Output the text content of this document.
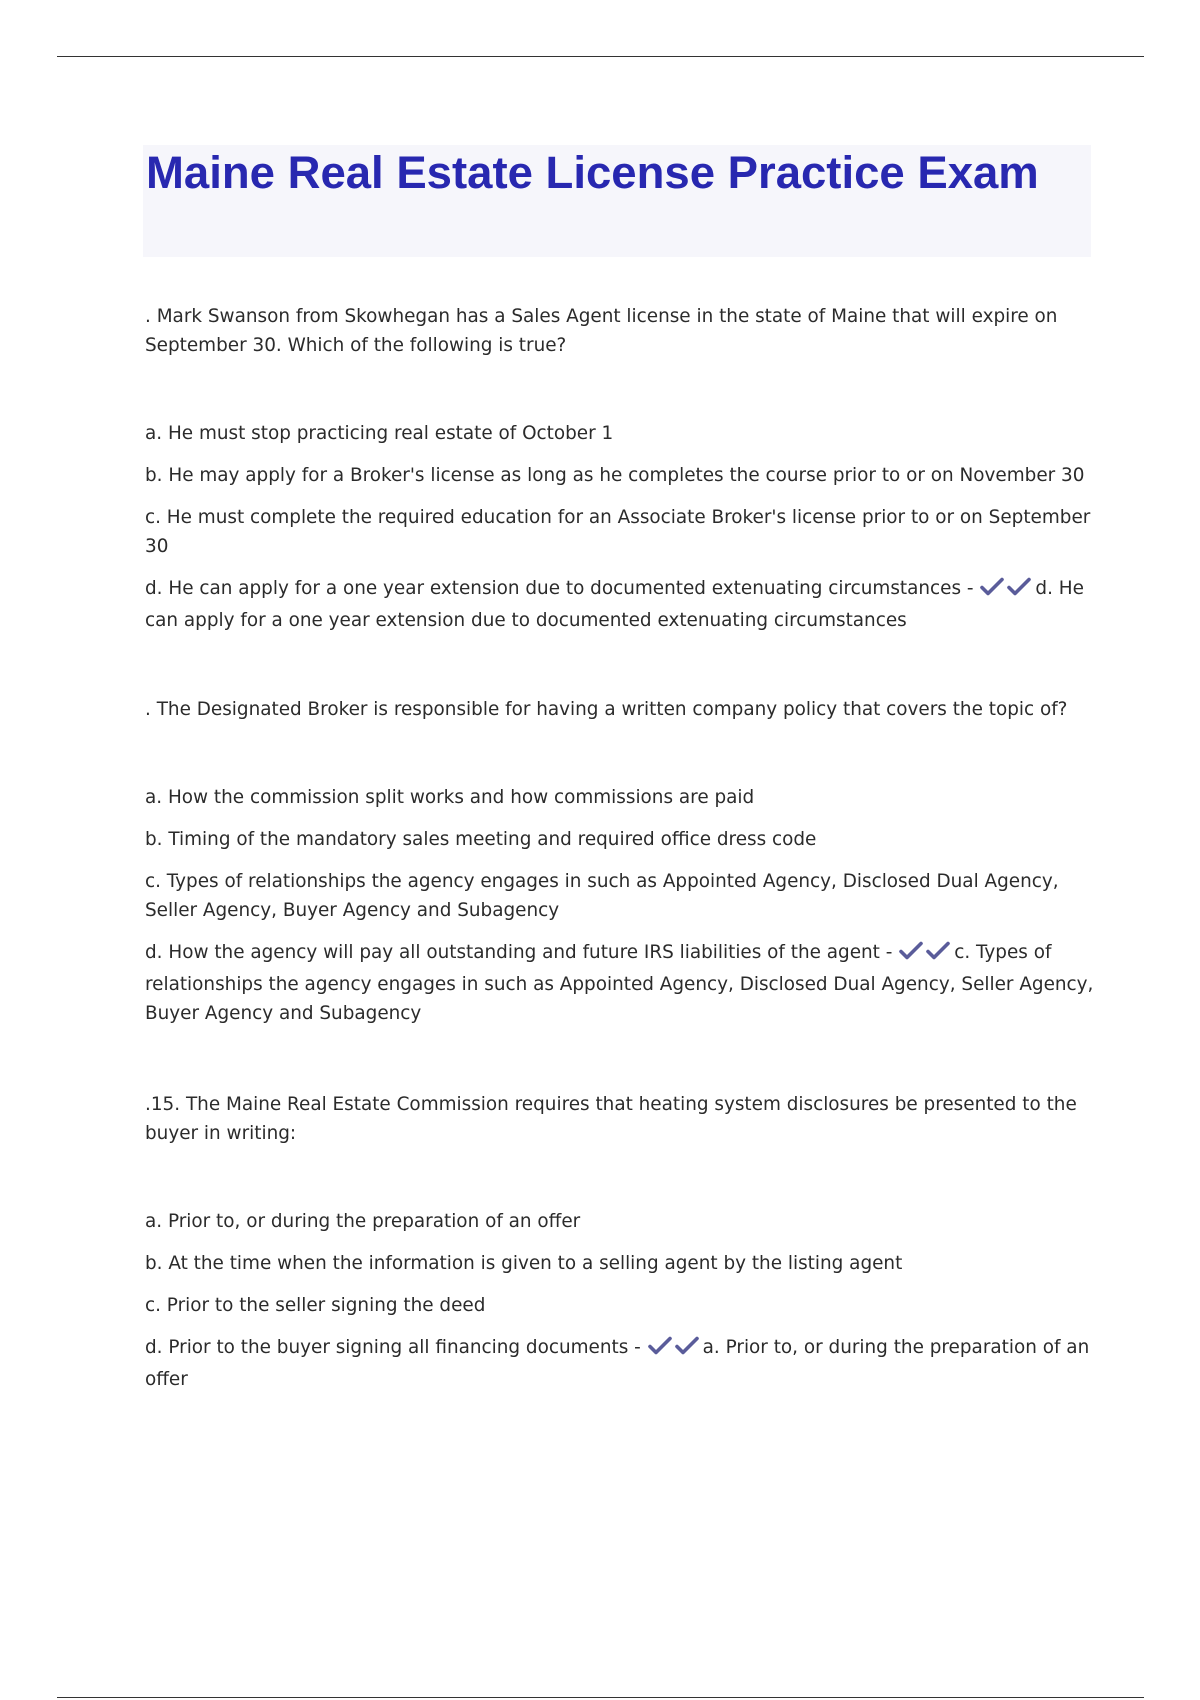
Maine Real Estate License Practice Exam

. Mark Swanson from Skowhegan has a Sales Agent license in the state of Maine that will expire on September 30. Which of the following is true?

a. He must stop practicing real estate of October 1

b. He may apply for a Broker's license as long as he completes the course prior to or on November 30

c. He must complete the required education for an Associate Broker's license prior to or on September 30

d. He can apply for a one year extension due to documented extenuating circumstances -	d. He can apply for a one year extension due to documented extenuating circumstances

. The Designated Broker is responsible for having a written company policy that covers the topic of?

a. How the commission split works and how commissions are paid

b. Timing of the mandatory sales meeting and required office dress code

c. Types of relationships the agency engages in such as Appointed Agency, Disclosed Dual Agency, Seller Agency, Buyer Agency and Subagency

d. How the agency will pay all outstanding and future IRS liabilities of the agent -	c. Types of relationships the agency engages in such as Appointed Agency, Disclosed Dual Agency, Seller Agency, Buyer Agency and Subagency

.15. The Maine Real Estate Commission requires that heating system disclosures be presented to the buyer in writing:

a. Prior to, or during the preparation of an offer

b. At the time when the information is given to a selling agent by the listing agent

c. Prior to the seller signing the deed

d. Prior to the buyer signing all financing documents -	a. Prior to, or during the preparation of an offer
